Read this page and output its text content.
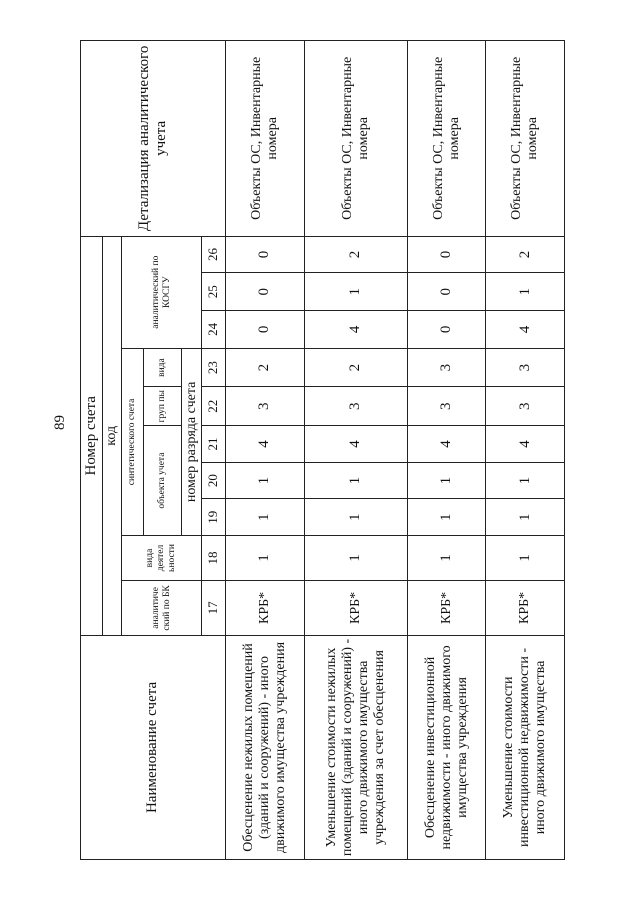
89
Наименование счета	Номер счета										Детализация аналитического учета
	код										
	аналитиче ский по БК	вида деятел ьности	синтетического счета					аналитический по КОСГУ			
			объекта учета			груп пы	вида				
			номер разряда счета								
	17	18	19	20	21	22	23	24	25	26	
Обесценение нежилых помещений (зданий и сооружений) - иного движимого имущества учреждения	КРБ*	1	1	1	4	3	2	0	0	0	Объекты ОС, Инвентарные номера
Уменьшение стоимости нежилых помещений (зданий и сооружений) - иного движимого имущества учреждения за счет обесценения	КРБ*	1	1	1	4	3	2	4	1	2	Объекты ОС, Инвентарные номера
Обесценение инвестиционной недвижимости - иного движимого имущества учреждения	КРБ*	1	1	1	4	3	3	0	0	0	Объекты ОС, Инвентарные номера
Уменьшение стоимости инвестиционной недвижимости - иного движимого имущества	КРБ*	1	1	1	4	3	3	4	1	2	Объекты ОС, Инвентарные номера
